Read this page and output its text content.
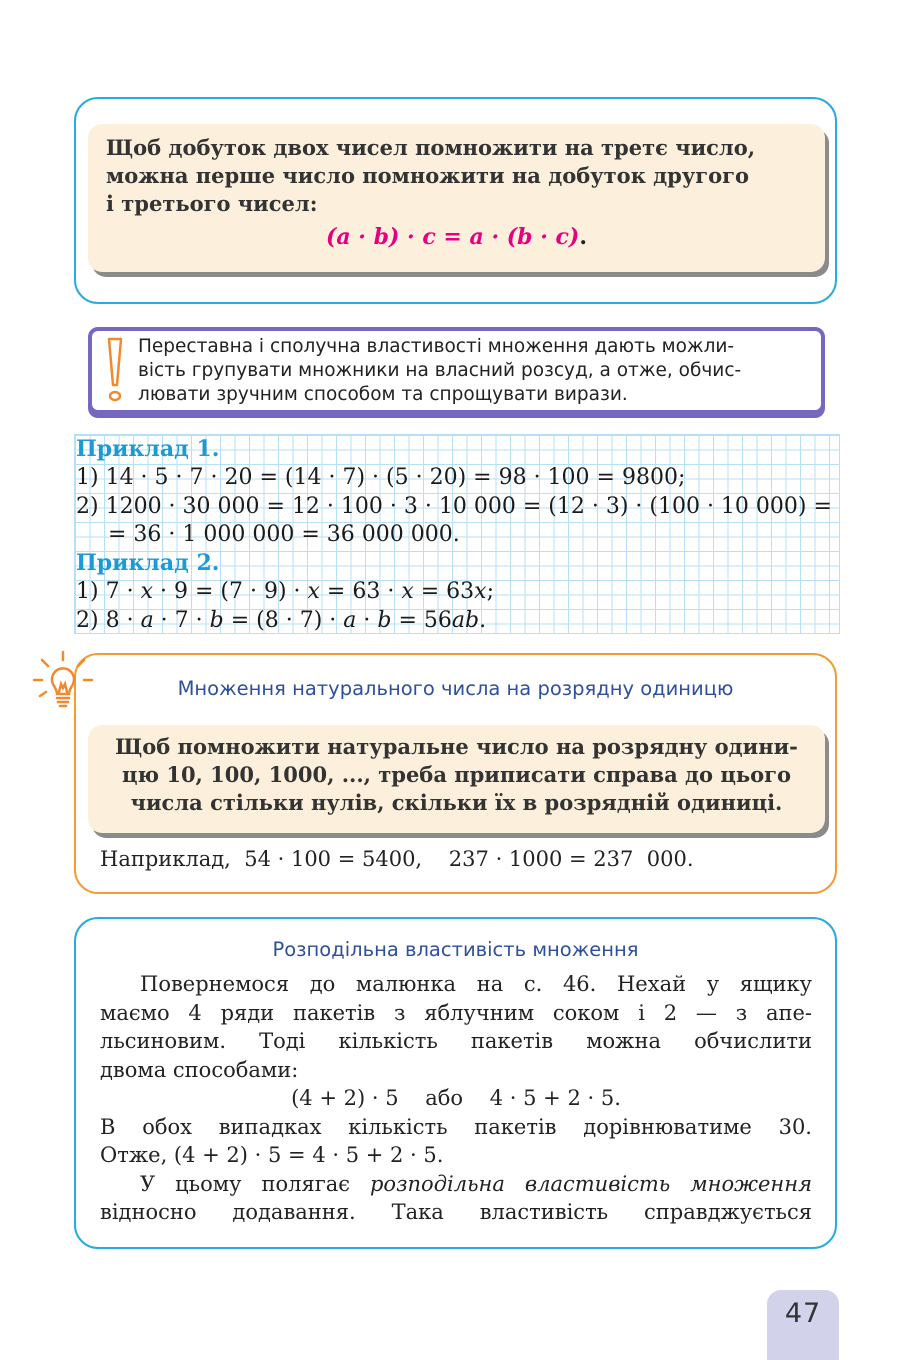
Щоб добуток двох чисел помножити на третє число,
можна перше число помножити на добуток другого
і третього чисел:
(a · b) · c = a · (b · c).
Переставна і сполучна властивості множення дають можли-
вість групувати множники на власний розсуд, а отже, обчис-
лювати зручним способом та спрощувати вирази.
Приклад 1.
1) 14 · 5 · 7 · 20 = (14 · 7) · (5 · 20) = 98 · 100 = 9800;
2) 1200 · 30 000 = 12 · 100 · 3 · 10 000 = (12 · 3) · (100 · 10 000) =
= 36 · 1 000 000 = 36 000 000.
Приклад 2.
1) 7 · x · 9 = (7 · 9) · x = 63 · x = 63x;
2) 8 · a · 7 · b = (8 · 7) · a · b = 56ab.
Множення натурального числа на розрядну одиницю
Щоб помножити натуральне число на розрядну одини-
цю 10, 100, 1000, ..., треба приписати справа до цього
числа стільки нулів, скільки їх в розрядній одиниці.
Наприклад,  54 · 100 = 5400,    237 · 1000 = 237  000.
Розподільна властивість множення
Повернемося до малюнка на с. 46. Нехай у ящику
маємо 4 ряди пакетів з яблучним соком і 2 — з апе-
льсиновим. Тоді кількість пакетів можна обчислити
двома способами:
(4 + 2) · 5    або    4 · 5 + 2 · 5.
В обох випадках кількість пакетів дорівнюватиме 30.
Отже, (4 + 2) · 5 = 4 · 5 + 2 · 5.
У цьому полягає розподільна властивість множення
відносно додавання. Така властивість справджується
47
